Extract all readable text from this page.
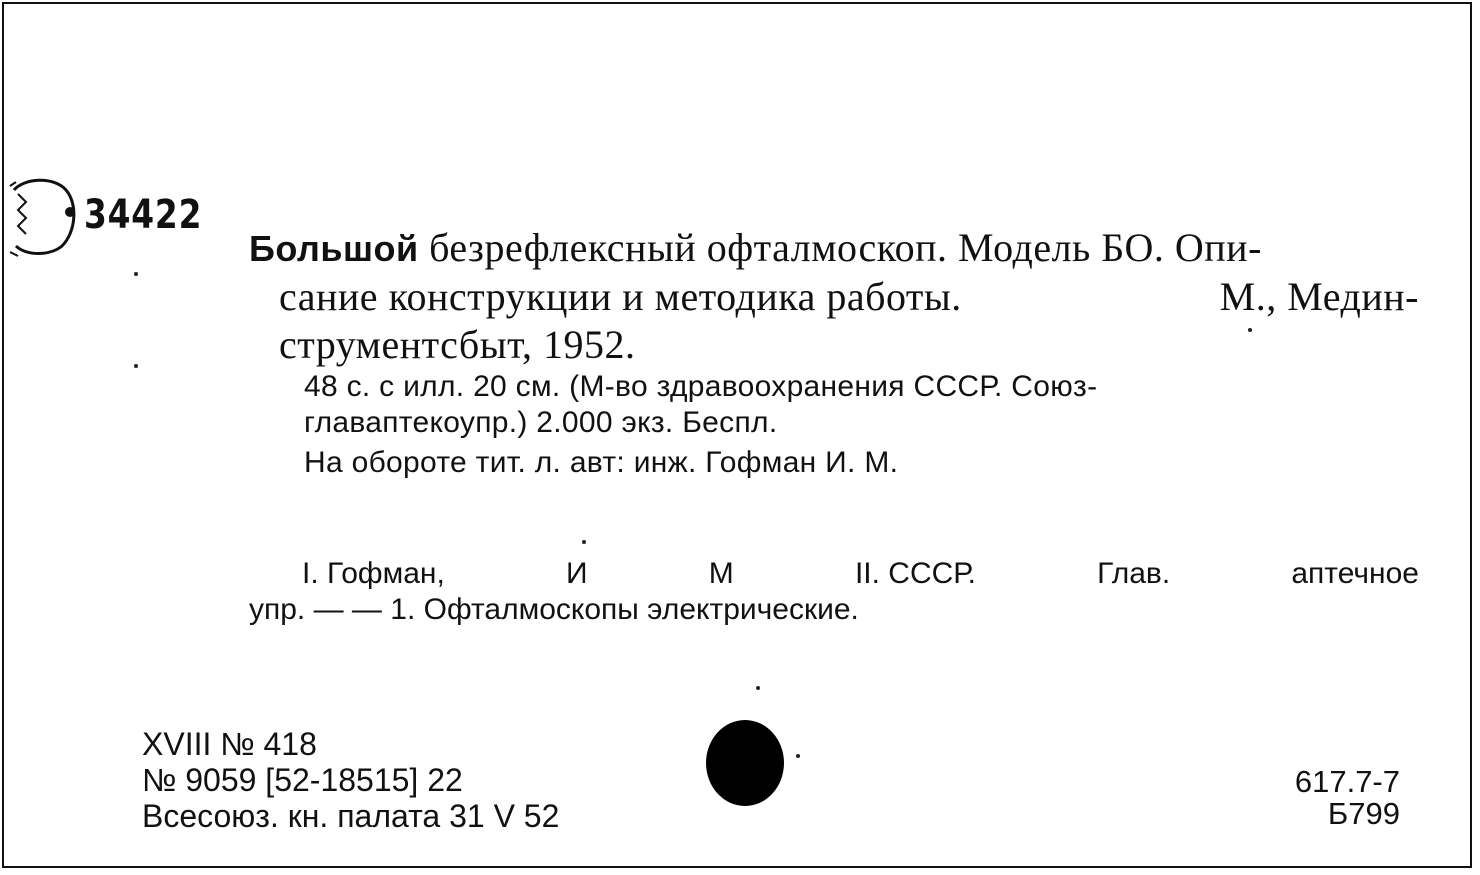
34422
Большой безрефлексный офталмоскоп. Модель БО. Опи-
сание конструкции и методика работы.	М., Медин-
струментсбыт, 1952.
48 с. с илл. 20 см. (М-во здравоохранения СССР. Союз-
главаптекоупр.) 2.000 экз. Беспл.
На обороте тит. л. авт: инж. Гофман И. М.
I. Гофман,	И	М	II. СССР.	Глав.	аптечное
упр. — — 1. Офталмоскопы электрические.
XVIII № 418
№ 9059 [52-18515] 22
Всесоюз. кн. палата 31 V 52
617.7-7
Б799
